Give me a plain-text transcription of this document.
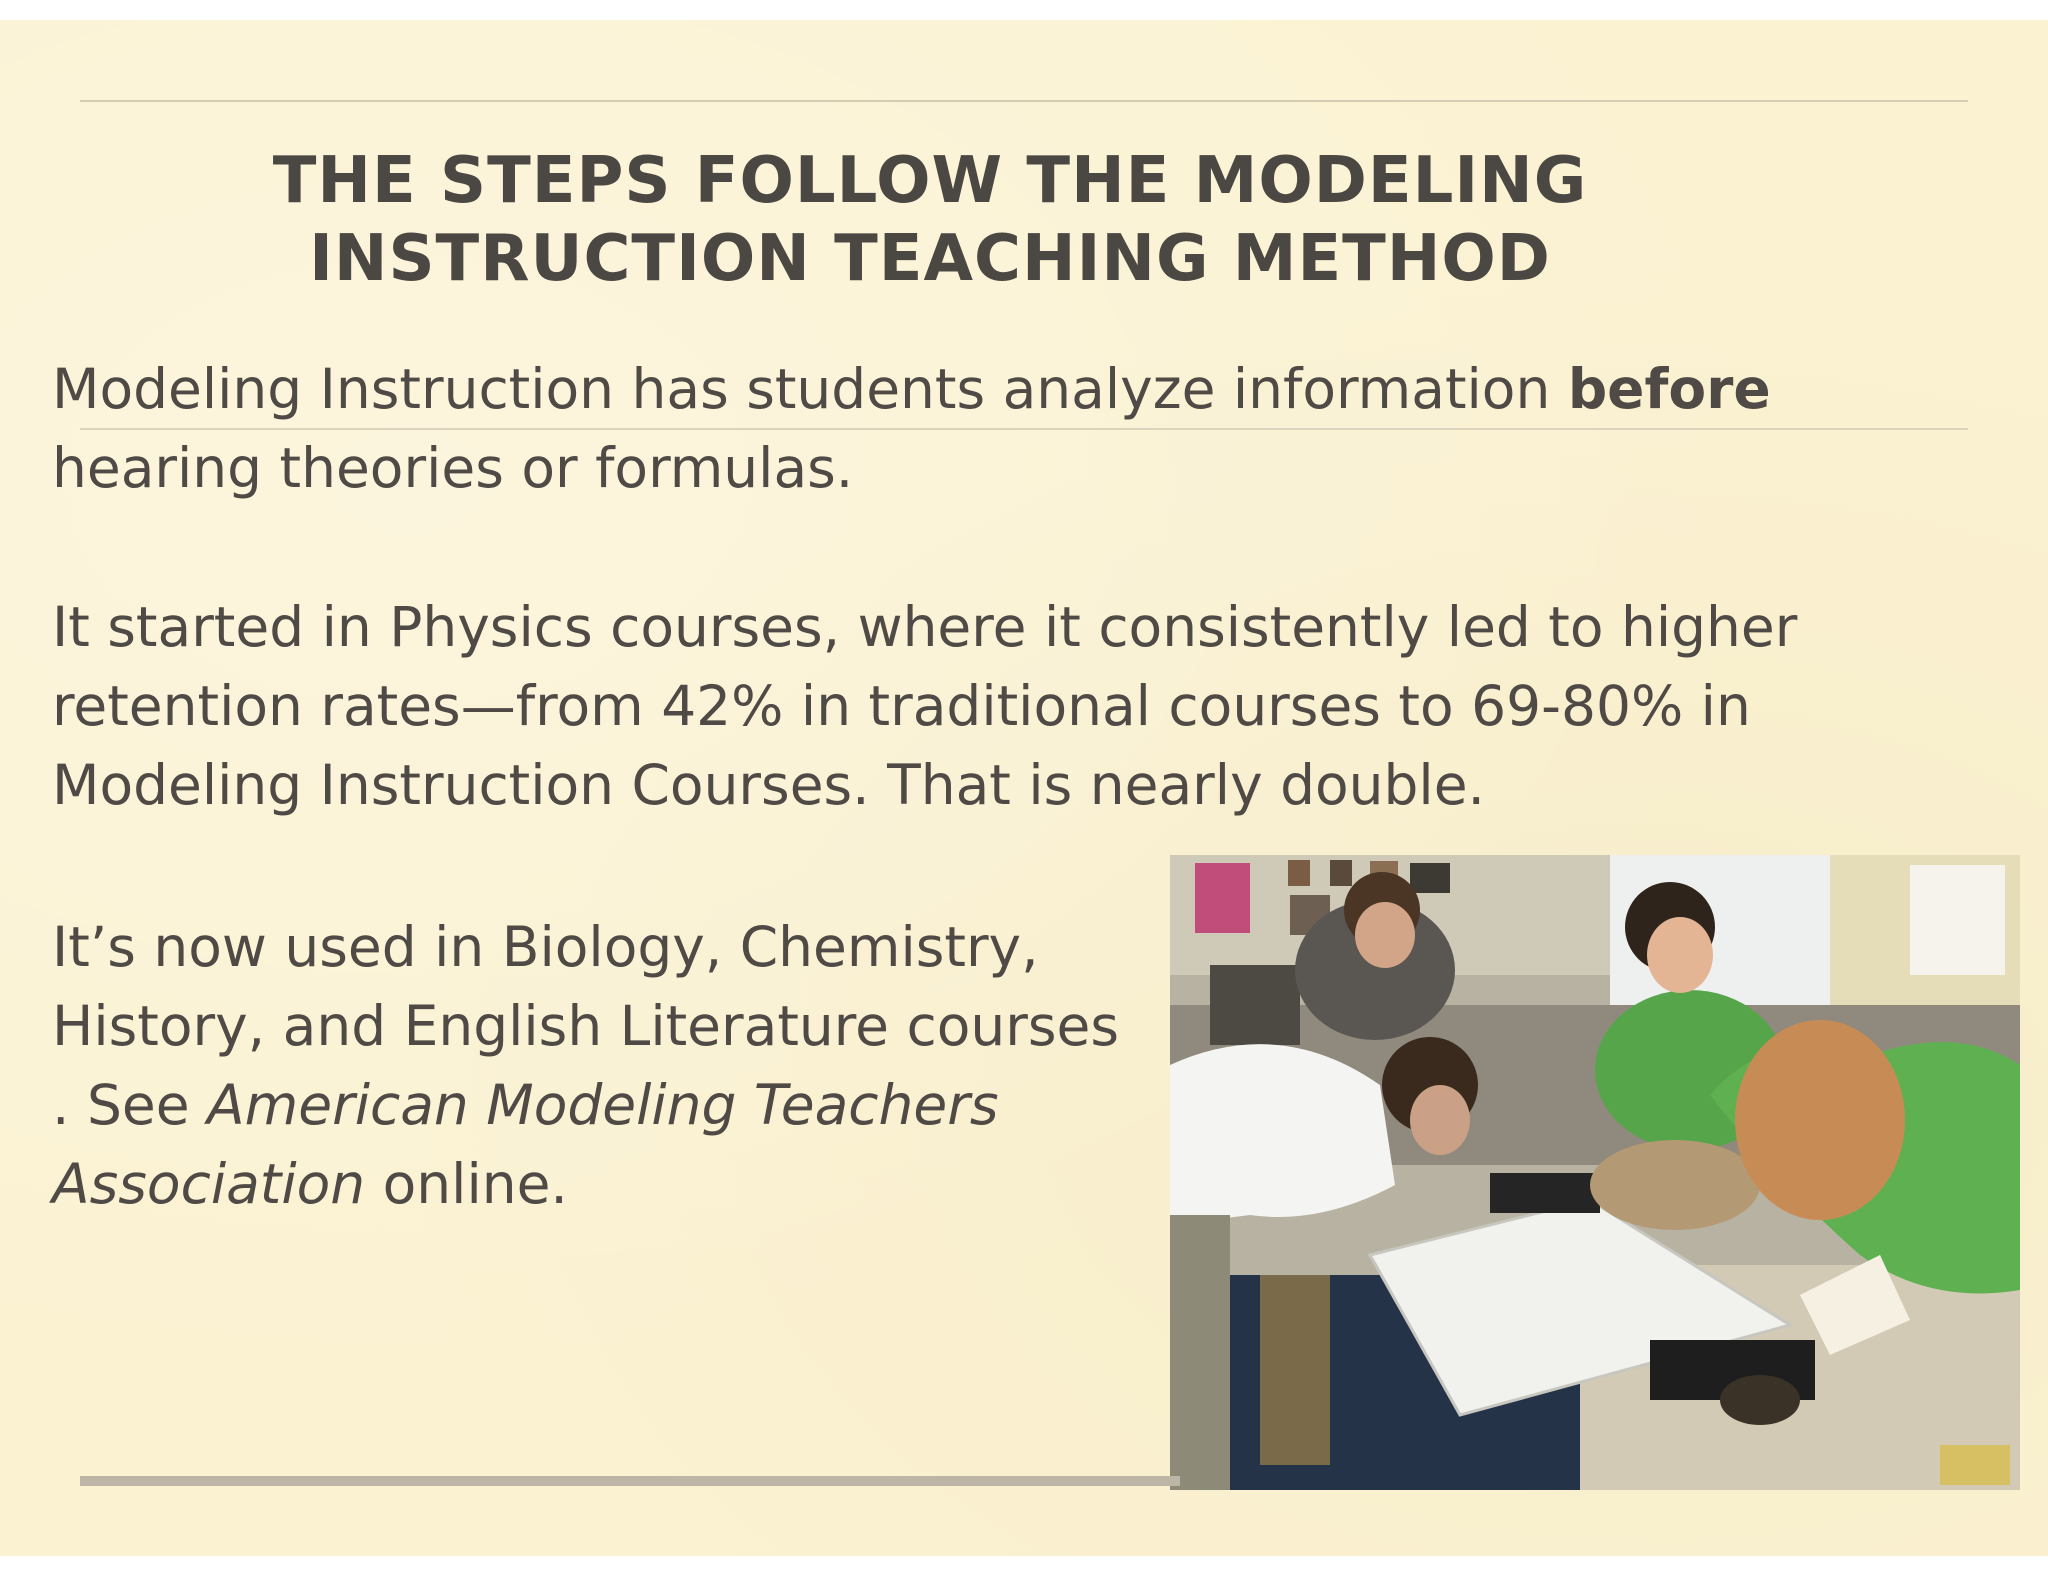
THE STEPS FOLLOW THE MODELING
INSTRUCTION TEACHING METHOD
Modeling Instruction has students analyze information before hearing theories or formulas.
It started in Physics courses, where it consistently led to higher retention rates—from 42% in traditional courses to 69-80% in Modeling Instruction Courses. That is nearly double.
It’s now used in Biology, Chemistry,
History, and English Literature courses
. See American Modeling Teachers
Association online.
